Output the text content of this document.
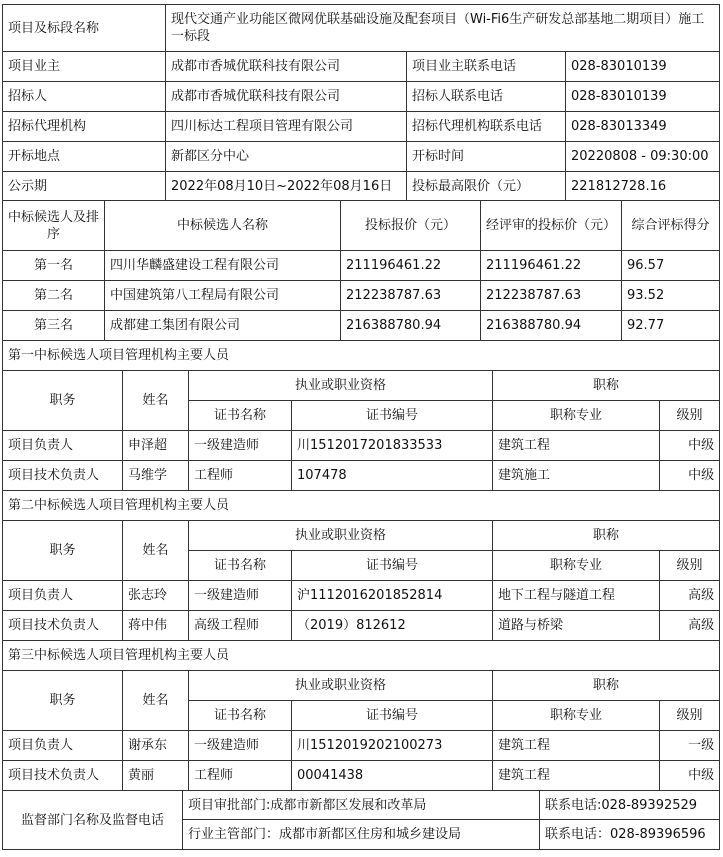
项目及标段名称	现代交通产业功能区微网优联基础设施及配套项目（Wi-Fi6生产研发总部基地二期项目）施工一标段		
项目业主	成都市香城优联科技有限公司	项目业主联系电话	028-83010139
招标人	成都市香城优联科技有限公司	招标人联系电话	028-83010139
招标代理机构	四川标达工程项目管理有限公司	招标代理机构联系电话	028-83013349
开标地点	新都区分中心	开标时间	20220808 - 09:30:00
公示期	2022年08月10日~2022年08月16日	投标最高限价（元）	221812728.16
中标候选人及排序	中标候选人名称	投标报价（元）	经评审的投标价（元）	综合评标得分
第一名	四川华麟盛建设工程有限公司	211196461.22	211196461.22	96.57
第二名	中国建筑第八工程局有限公司	212238787.63	212238787.63	93.52
第三名	成都建工集团有限公司	216388780.94	216388780.94	92.77
第一中标候选人项目管理机构主要人员					
职务	姓名	执业或职业资格		职称	
		证书名称	证书编号	职称专业	级别
项目负责人	申泽超	一级建造师	川1512017201833533	建筑工程	中级
项目技术负责人	马维学	工程师	107478	建筑施工	中级
第二中标候选人项目管理机构主要人员					
职务	姓名	执业或职业资格		职称	
		证书名称	证书编号	职称专业	级别
项目负责人	张志玲	一级建造师	沪1112016201852814	地下工程与隧道工程	高级
项目技术负责人	蒋中伟	高级工程师	（2019）812612	道路与桥梁	高级
第三中标候选人项目管理机构主要人员					
职务	姓名	执业或职业资格		职称	
		证书名称	证书编号	职称专业	级别
项目负责人	谢承东	一级建造师	川1512019202100273	建筑工程	一级
项目技术负责人	黄丽	工程师	00041438	建筑工程	中级
监督部门名称及监督电话	项目审批部门:成都市新都区发展和改革局	联系电话:028-89392529
	行业主管部门：成都市新都区住房和城乡建设局	联系电话：028-89396596
